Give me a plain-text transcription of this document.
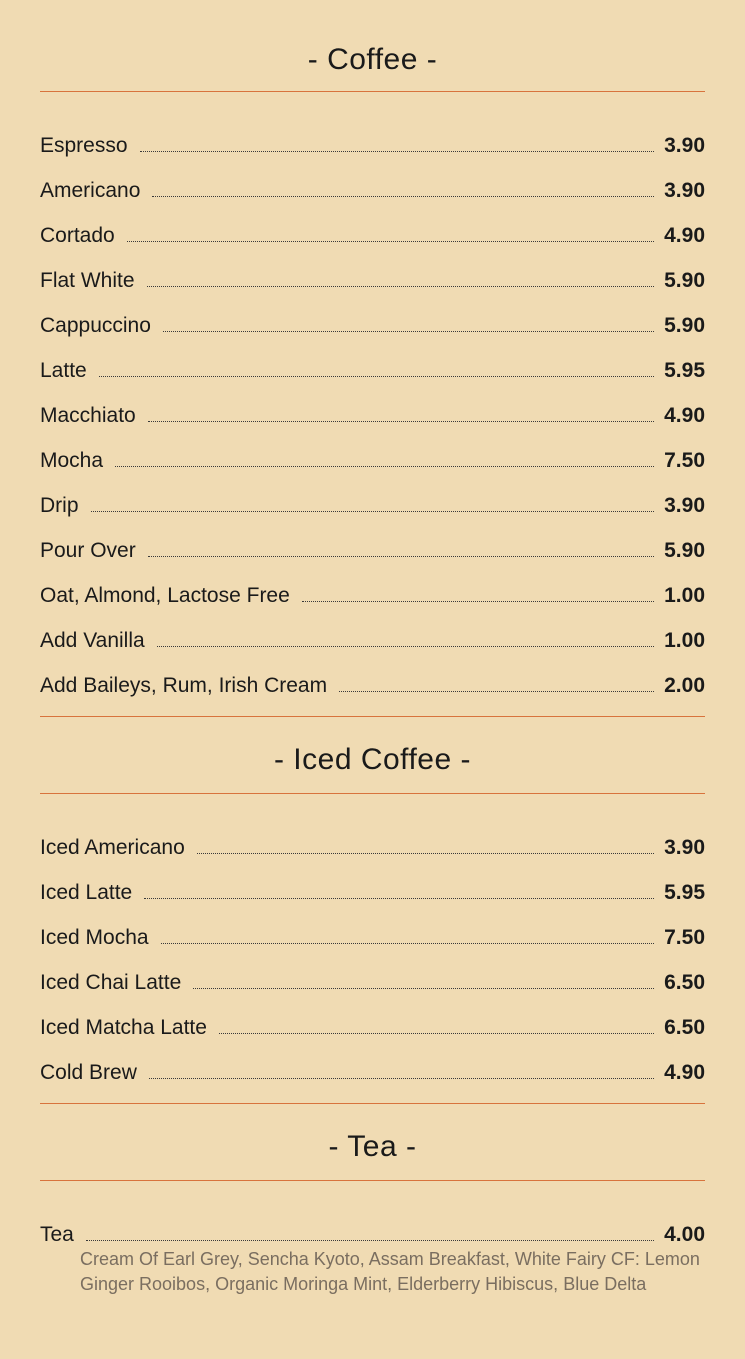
- Coffee -
Espresso	3.90
Americano	3.90
Cortado	4.90
Flat White	5.90
Cappuccino	5.90
Latte	5.95
Macchiato	4.90
Mocha	7.50
Drip	3.90
Pour Over	5.90
Oat, Almond, Lactose Free	1.00
Add Vanilla	1.00
Add Baileys, Rum, Irish Cream	2.00
- Iced Coffee -
Iced Americano	3.90
Iced Latte	5.95
Iced Mocha	7.50
Iced Chai Latte	6.50
Iced Matcha Latte	6.50
Cold Brew	4.90
- Tea -
Tea	4.00
Cream Of Earl Grey, Sencha Kyoto, Assam Breakfast, White Fairy CF: Lemon Ginger Rooibos, Organic Moringa Mint, Elderberry Hibiscus, Blue Delta
